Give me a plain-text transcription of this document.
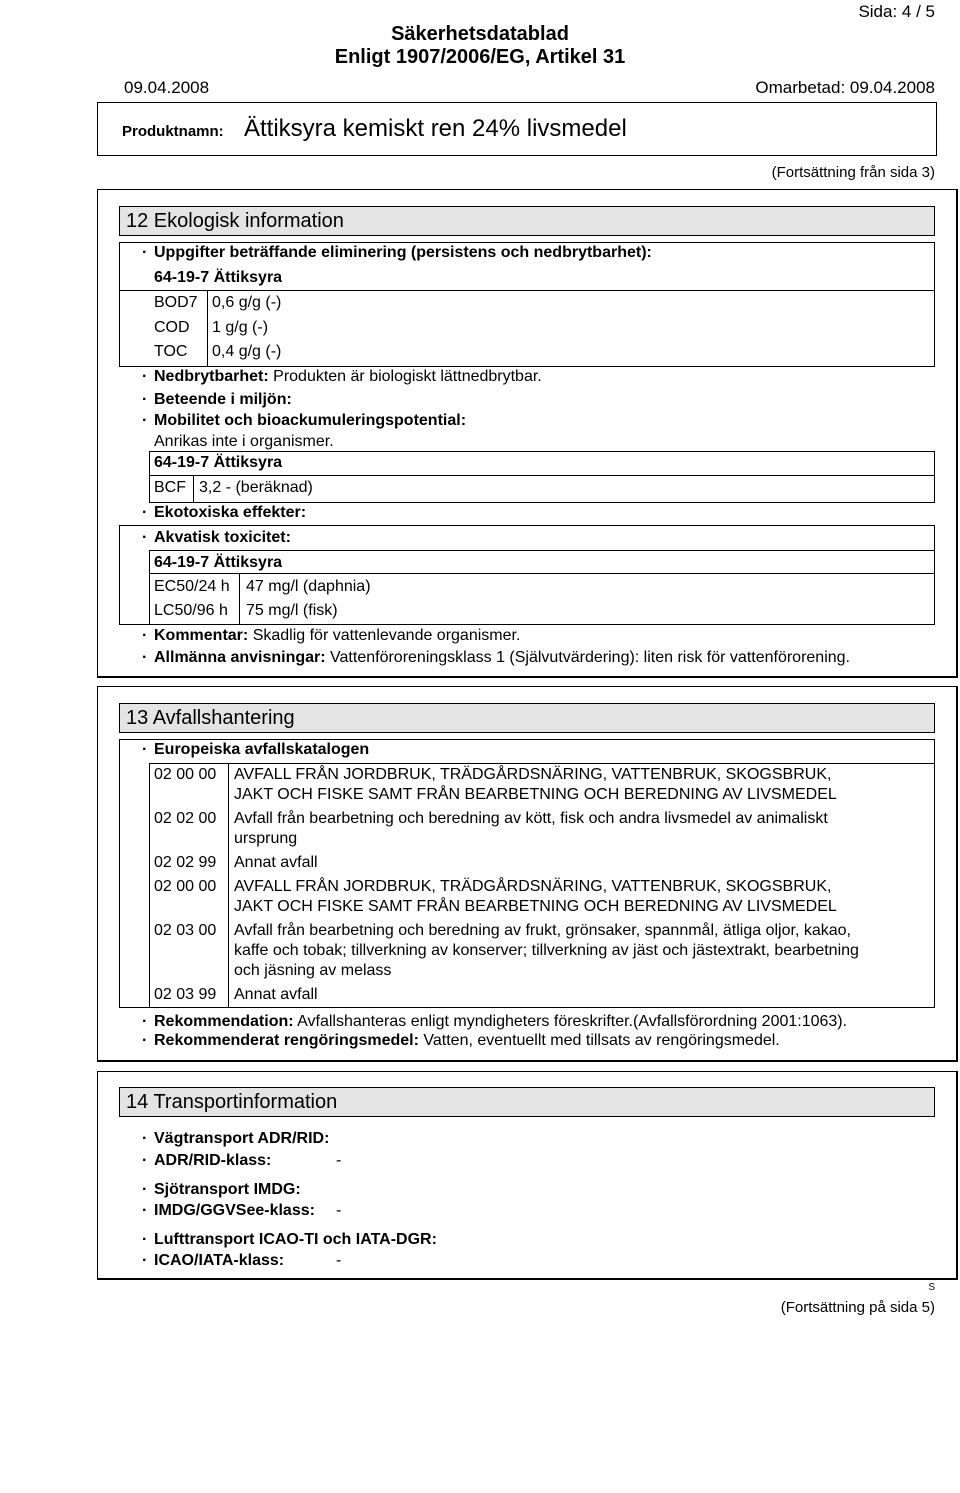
Sida: 4 / 5
Säkerhetsdatablad
Enligt 1907/2006/EG, Artikel 31
09.04.2008	Omarbetad: 09.04.2008
Produktnamn: Ättiksyra kemiskt ren 24% livsmedel
(Fortsättning från sida 3)
12 Ekologisk information
· Uppgifter beträffande eliminering (persistens och nedbrytbarhet):
64-19-7 Ättiksyra
BOD7 0,6 g/g (-)
COD 1 g/g (-)
TOC 0,4 g/g (-)
· Nedbrytbarhet: Produkten är biologiskt lättnedbrytbar.
· Beteende i miljön:
· Mobilitet och bioackumuleringspotential:
Anrikas inte i organismer.
64-19-7 Ättiksyra
BCF 3,2 - (beräknad)
· Ekotoxiska effekter:
· Akvatisk toxicitet:
64-19-7 Ättiksyra
EC50/24 h 47 mg/l (daphnia)
LC50/96 h 75 mg/l (fisk)
· Kommentar: Skadlig för vattenlevande organismer.
· Allmänna anvisningar: Vattenföroreningsklass 1 (Självutvärdering): liten risk för vattenförorening.
13 Avfallshantering
· Europeiska avfallskatalogen
02 00 00 AVFALL FRÅN JORDBRUK, TRÄDGÅRDSNÄRING, VATTENBRUK, SKOGSBRUK,
JAKT OCH FISKE SAMT FRÅN BEARBETNING OCH BEREDNING AV LIVSMEDEL
02 02 00 Avfall från bearbetning och beredning av kött, fisk och andra livsmedel av animaliskt
ursprung
02 02 99 Annat avfall
02 00 00 AVFALL FRÅN JORDBRUK, TRÄDGÅRDSNÄRING, VATTENBRUK, SKOGSBRUK,
JAKT OCH FISKE SAMT FRÅN BEARBETNING OCH BEREDNING AV LIVSMEDEL
02 03 00 Avfall från bearbetning och beredning av frukt, grönsaker, spannmål, ätliga oljor, kakao,
kaffe och tobak; tillverkning av konserver; tillverkning av jäst och jästextrakt, bearbetning
och jäsning av melass
02 03 99 Annat avfall
· Rekommendation: Avfallshanteras enligt myndigheters föreskrifter.(Avfallsförordning 2001:1063).
· Rekommenderat rengöringsmedel: Vatten, eventuellt med tillsats av rengöringsmedel.
14 Transportinformation
· Vägtransport ADR/RID:
· ADR/RID-klass:	-
· Sjötransport IMDG:
· IMDG/GGVSee-klass: -
· Lufttransport ICAO-TI och IATA-DGR:
· ICAO/IATA-klass:	-
S
(Fortsättning på sida 5)
